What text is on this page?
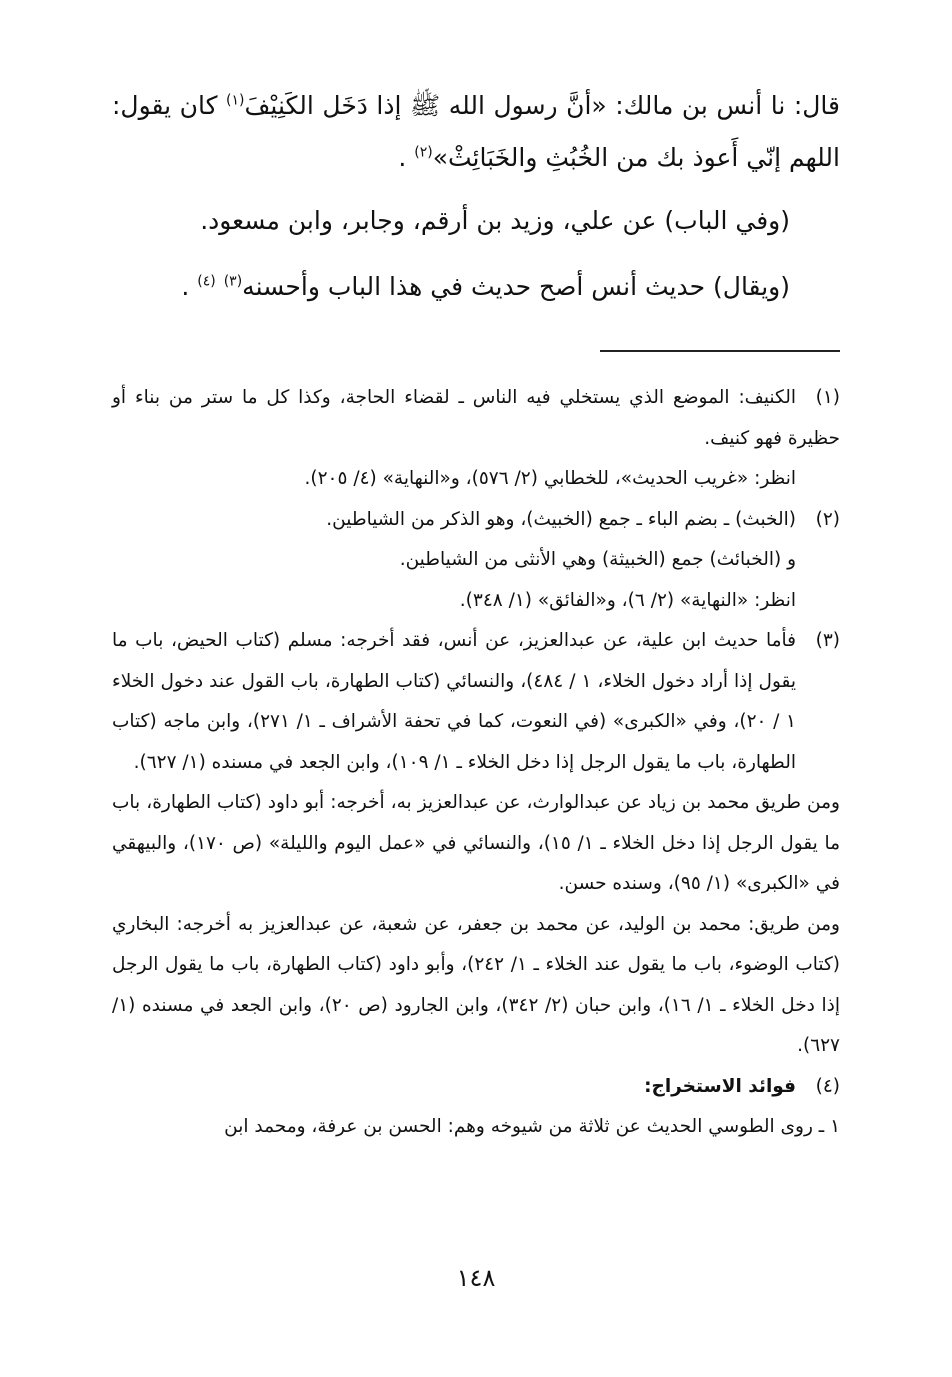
قال: نا أنس بن مالك: «أنَّ رسول الله ﷺ إذا دَخَل الكَنِيْفَ$^{(١)}$ كان يقول: اللهم إنّي أَعوذ بك من الخُبُثِ والخَبَائِثْ»$^{(٢)}$ .

(وفي الباب) عن علي، وزيد بن أرقم، وجابر، وابن مسعود.

(ويقال) حديث أنس أصح حديث في هذا الباب وأحسنه$^{(٣)}$ $^{(٤)}$ .

(١)الكنيف: الموضع الذي يستخلي فيه الناس ـ لقضاء الحاجة، وكذا كل ما ستر من بناء أو حظيرة فهو كنيف.
انظر: «غريب الحديث»، للخطابي (٢/ ٥٧٦)، و«النهاية» (٤/ ٢٠٥).
(٢)(الخبث) ـ بضم الباء ـ جمع (الخبيث)، وهو الذكر من الشياطين.
و (الخبائث) جمع (الخبيثة) وهي الأنثى من الشياطين.
انظر: «النهاية» (٢/ ٦)، و«الفائق» (١/ ٣٤٨).
(٣)فأما حديث ابن علية، عن عبدالعزيز، عن أنس، فقد أخرجه: مسلم (كتاب الحيض، باب ما يقول إذا أراد دخول الخلاء، ١ / ٤٨٤)، والنسائي (كتاب الطهارة، باب القول عند دخول الخلاء ١ / ٢٠)، وفي «الكبرى» (في النعوت، كما في تحفة الأشراف ـ ١/ ٢٧١)، وابن ماجه (كتاب الطهارة، باب ما يقول الرجل إذا دخل الخلاء ـ ١/ ١٠٩)، وابن الجعد في مسنده (١/ ٦٢٧).
ومن طريق محمد بن زياد عن عبدالوارث، عن عبدالعزيز به، أخرجه: أبو داود (كتاب الطهارة، باب ما يقول الرجل إذا دخل الخلاء ـ ١/ ١٥)، والنسائي في «عمل اليوم والليلة» (ص ١٧٠)، والبيهقي في «الكبرى» (١/ ٩٥)، وسنده حسن.
ومن طريق: محمد بن الوليد، عن محمد بن جعفر، عن شعبة، عن عبدالعزيز به أخرجه: البخاري (كتاب الوضوء، باب ما يقول عند الخلاء ـ ١/ ٢٤٢)، وأبو داود (كتاب الطهارة، باب ما يقول الرجل إذا دخل الخلاء ـ ١/ ١٦)، وابن حبان (٢/ ٣٤٢)، وابن الجارود (ص ٢٠)، وابن الجعد في مسنده (١/ ٦٢٧).
(٤)فوائد الاستخراج:
١ ـ روى الطوسي الحديث عن ثلاثة من شيوخه وهم: الحسن بن عرفة، ومحمد ابن
١٤٨
